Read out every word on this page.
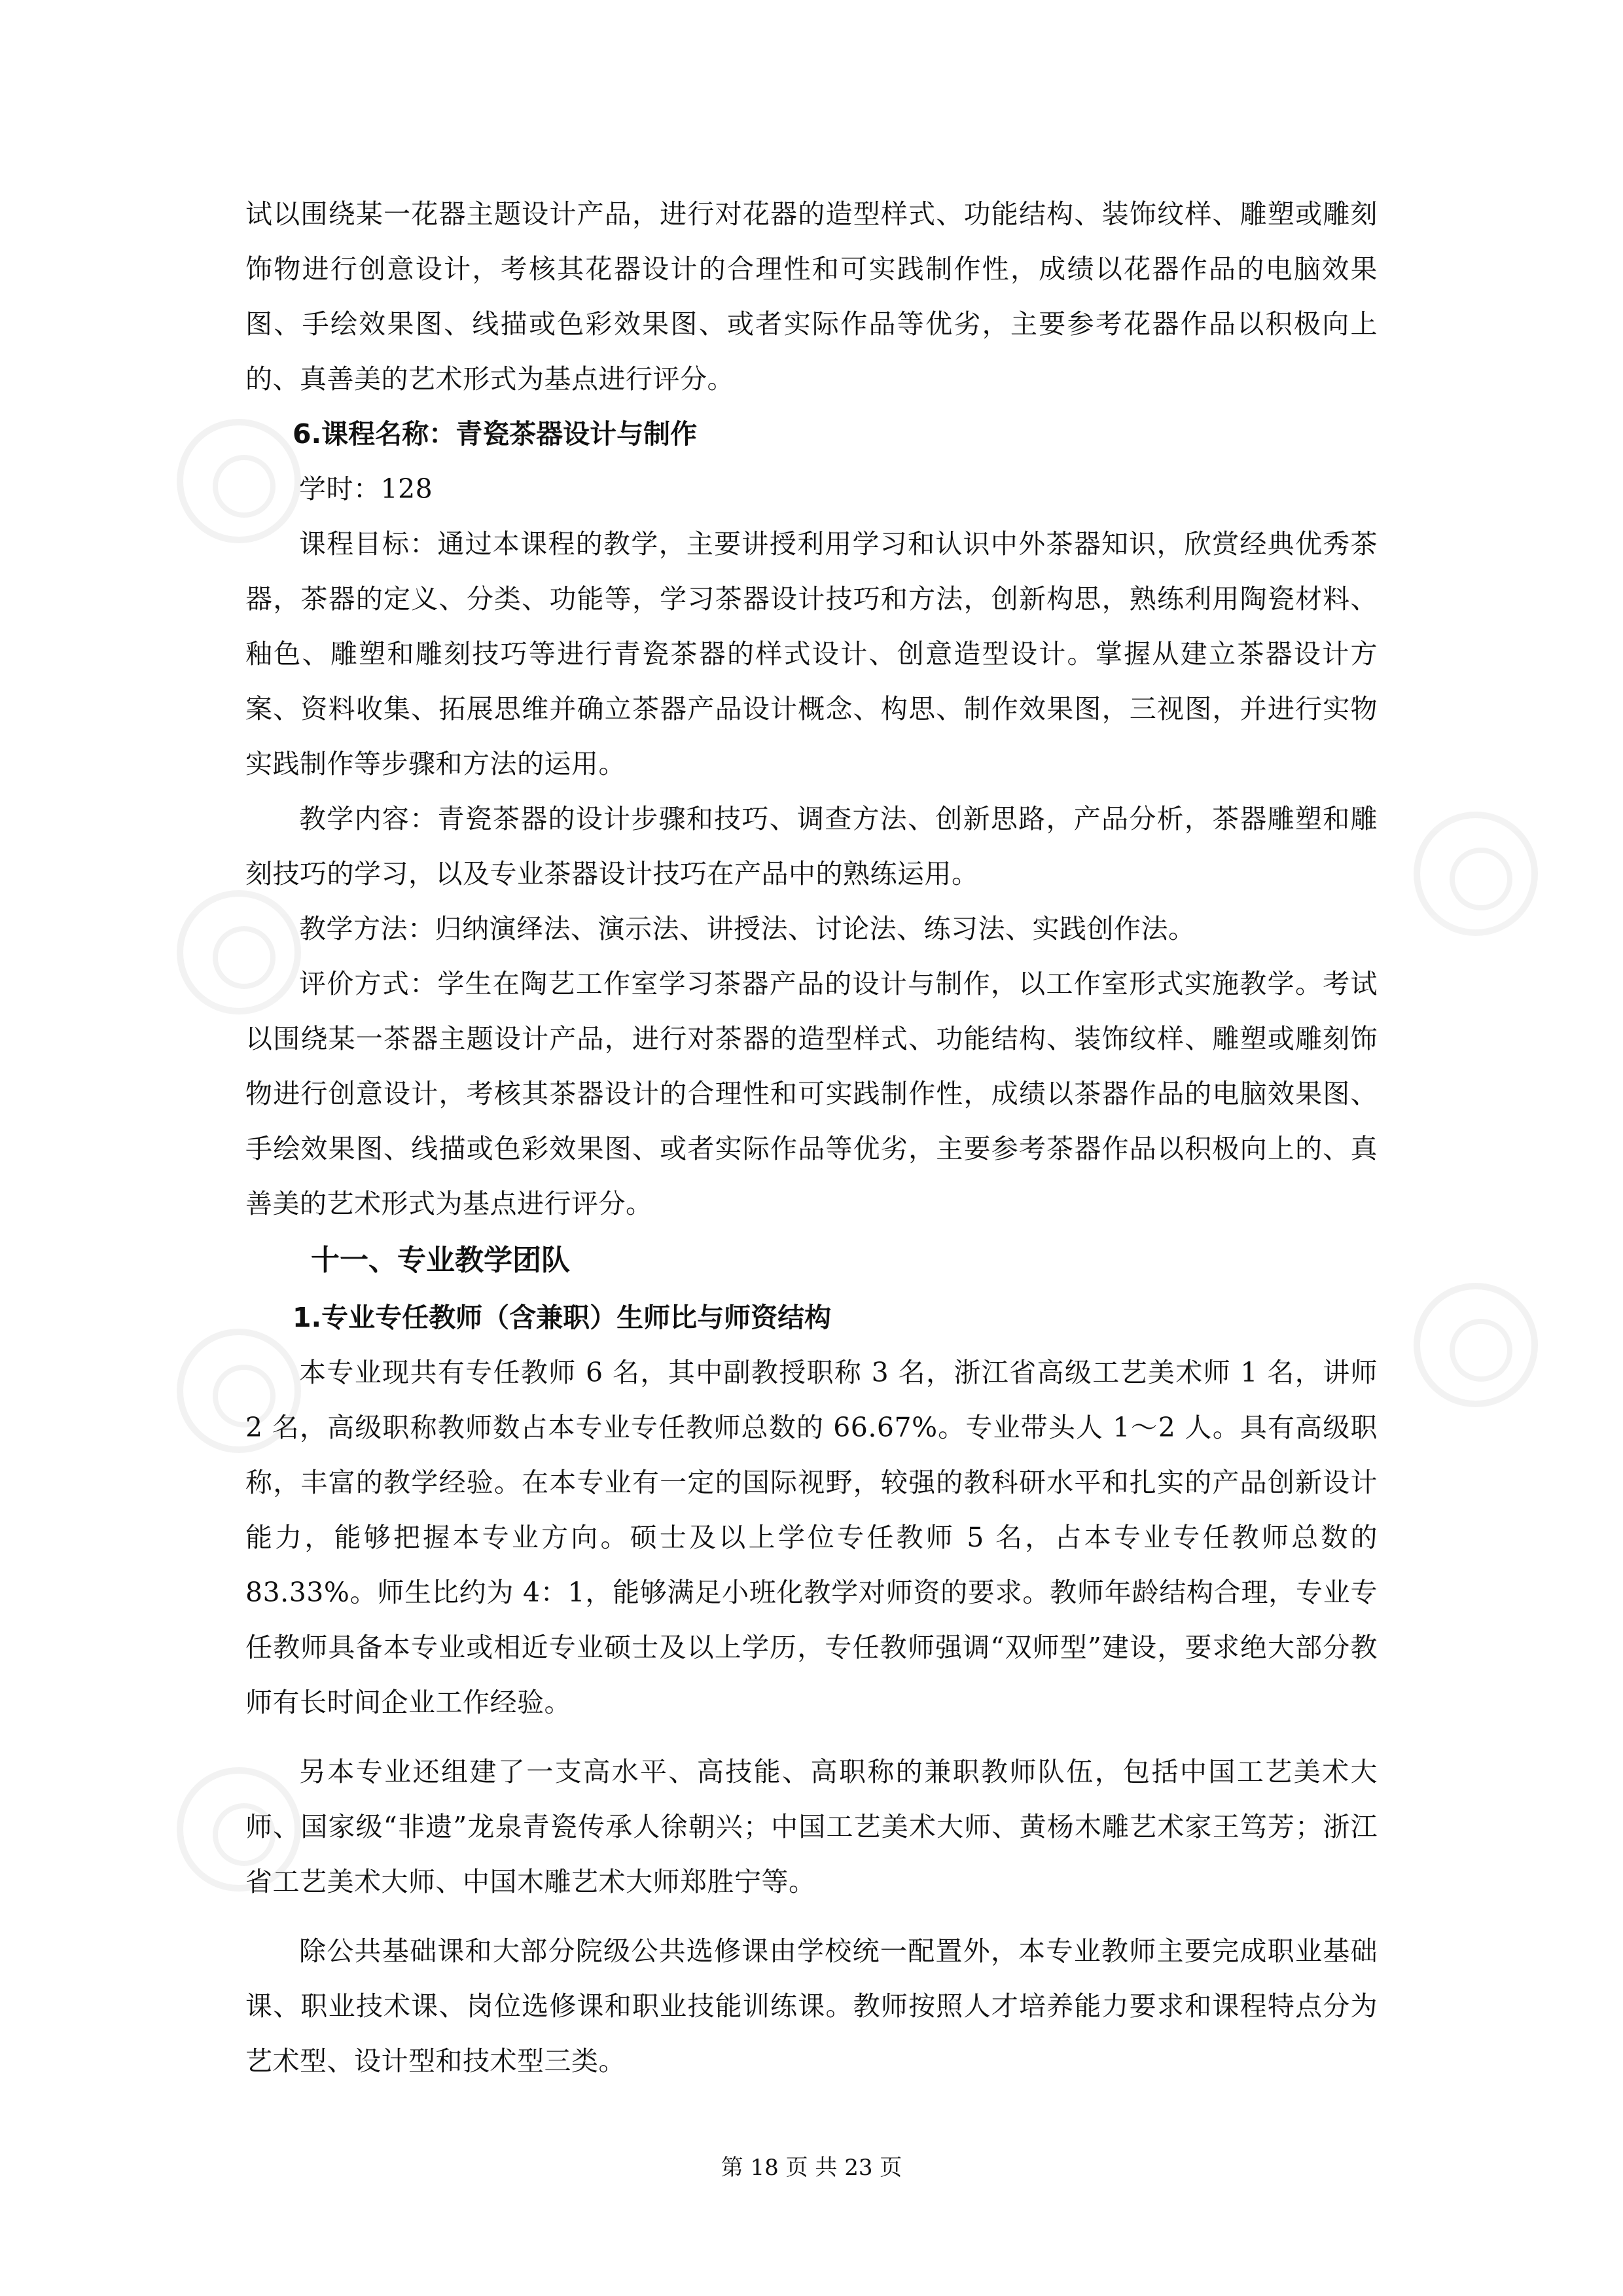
试以围绕某一花器主题设计产品，进行对花器的造型样式、功能结构、装饰纹样、雕塑或雕刻饰物进行创意设计，考核其花器设计的合理性和可实践制作性，成绩以花器作品的电脑效果图、手绘效果图、线描或色彩效果图、或者实际作品等优劣，主要参考花器作品以积极向上的、真善美的艺术形式为基点进行评分。

6.课程名称：青瓷茶器设计与制作

学时：128

课程目标：通过本课程的教学，主要讲授利用学习和认识中外茶器知识，欣赏经典优秀茶器，茶器的定义、分类、功能等，学习茶器设计技巧和方法，创新构思，熟练利用陶瓷材料、釉色、雕塑和雕刻技巧等进行青瓷茶器的样式设计、创意造型设计。掌握从建立茶器设计方案、资料收集、拓展思维并确立茶器产品设计概念、构思、制作效果图，三视图，并进行实物实践制作等步骤和方法的运用。

教学内容：青瓷茶器的设计步骤和技巧、调查方法、创新思路，产品分析，茶器雕塑和雕刻技巧的学习，以及专业茶器设计技巧在产品中的熟练运用。

教学方法：归纳演绎法、演示法、讲授法、讨论法、练习法、实践创作法。

评价方式：学生在陶艺工作室学习茶器产品的设计与制作，以工作室形式实施教学。考试以围绕某一茶器主题设计产品，进行对茶器的造型样式、功能结构、装饰纹样、雕塑或雕刻饰物进行创意设计，考核其茶器设计的合理性和可实践制作性，成绩以茶器作品的电脑效果图、手绘效果图、线描或色彩效果图、或者实际作品等优劣，主要参考茶器作品以积极向上的、真善美的艺术形式为基点进行评分。

十一、专业教学团队

1.专业专任教师（含兼职）生师比与师资结构

本专业现共有专任教师 6 名，其中副教授职称 3 名，浙江省高级工艺美术师 1 名，讲师 2 名，高级职称教师数占本专业专任教师总数的 66.67%。专业带头人 1～2 人。具有高级职称，丰富的教学经验。在本专业有一定的国际视野，较强的教科研水平和扎实的产品创新设计能力，能够把握本专业方向。硕士及以上学位专任教师 5 名，占本专业专任教师总数的 83.33%。师生比约为 4：1，能够满足小班化教学对师资的要求。教师年龄结构合理，专业专任教师具备本专业或相近专业硕士及以上学历，专任教师强调“双师型”建设，要求绝大部分教师有长时间企业工作经验。

另本专业还组建了一支高水平、高技能、高职称的兼职教师队伍，包括中国工艺美术大师、国家级“非遗”龙泉青瓷传承人徐朝兴；中国工艺美术大师、黄杨木雕艺术家王笃芳；浙江省工艺美术大师、中国木雕艺术大师郑胜宁等。

除公共基础课和大部分院级公共选修课由学校统一配置外，本专业教师主要完成职业基础课、职业技术课、岗位选修课和职业技能训练课。教师按照人才培养能力要求和课程特点分为艺术型、设计型和技术型三类。

第 18 页 共 23 页
